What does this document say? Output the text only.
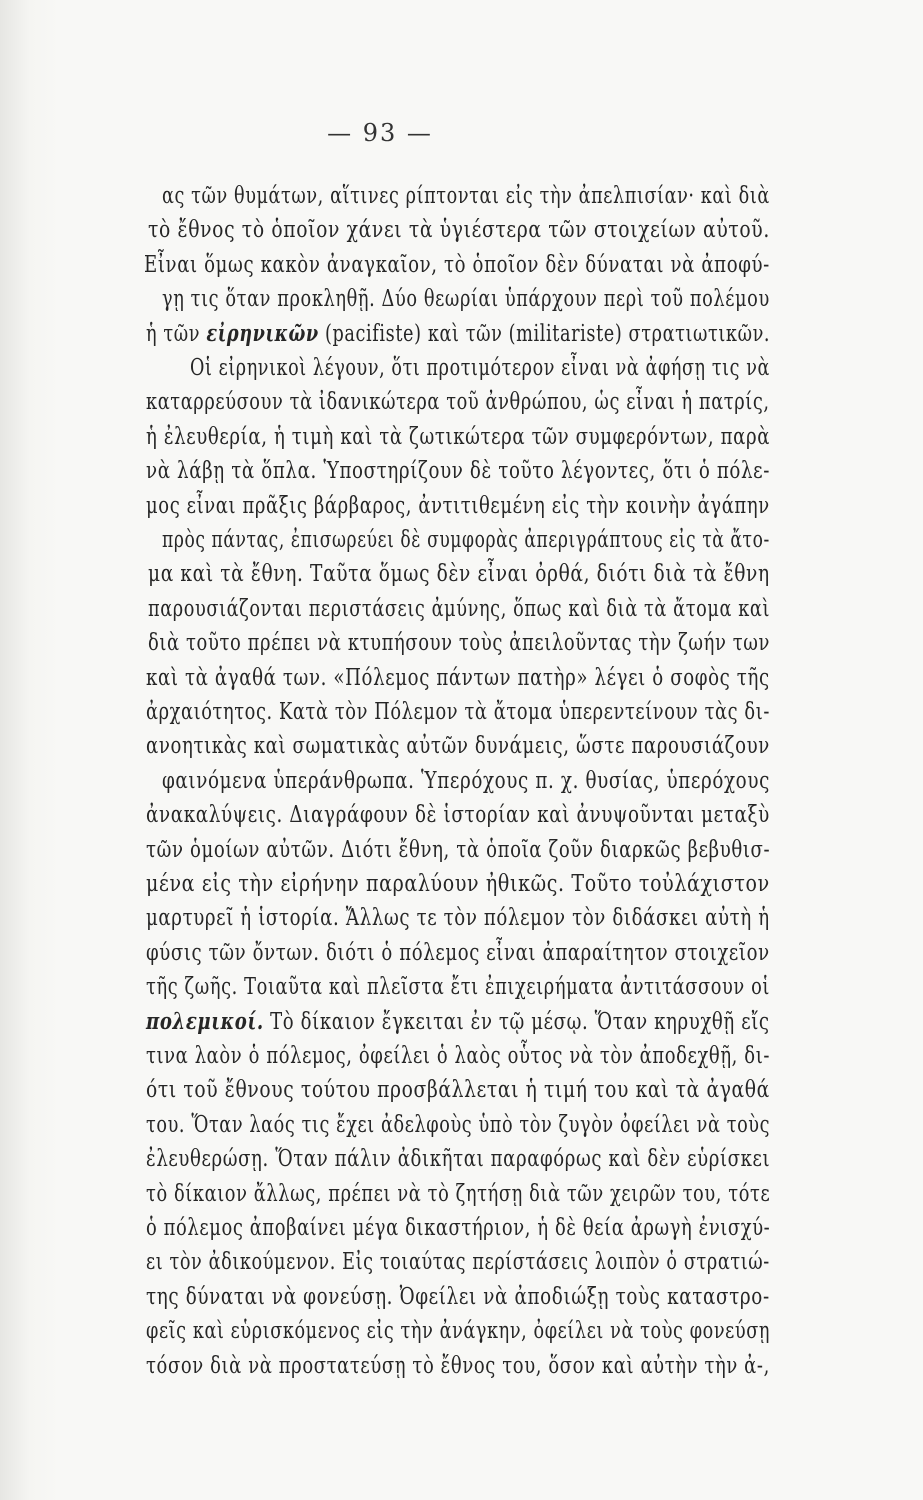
— 93 —
ας τῶν θυμάτων, αἵτινες ρίπτονται εἰς τὴν ἀπελπισίαν· καὶ διὰ
τὸ ἔθνος τὸ ὁποῖον χάνει τὰ ὑγιέστερα τῶν στοιχείων αὐτοῦ.
Εἶναι ὅμως κακὸν ἀναγκαῖον, τὸ ὁποῖον δὲν δύναται νὰ ἀποφύ-
γῃ τις ὅταν προκληθῇ. Δύο θεωρίαι ὑπάρχουν περὶ τοῦ πολέμου
ἡ τῶν εἰρηνικῶν (pacifiste) καὶ τῶν (militariste) στρατιωτικῶν.
Οἱ εἰρηνικοὶ λέγουν, ὅτι προτιμότερον εἶναι νὰ ἀφήσῃ τις νὰ
καταρρεύσουν τὰ ἰδανικώτερα τοῦ ἀνθρώπου, ὡς εἶναι ἡ πατρίς,
ἡ ἐλευθερία, ἡ τιμὴ καὶ τὰ ζωτικώτερα τῶν συμφερόντων, παρὰ
νὰ λάβῃ τὰ ὅπλα. Ὑποστηρίζουν δὲ τοῦτο λέγοντες, ὅτι ὁ πόλε-
μος εἶναι πρᾶξις βάρβαρος, ἀντιτιθεμένη εἰς τὴν κοινὴν ἀγάπην
πρὸς πάντας, ἐπισωρεύει δὲ συμφορὰς ἀπεριγράπτους εἰς τὰ ἄτο-
μα καὶ τὰ ἔθνη. Ταῦτα ὅμως δὲν εἶναι ὀρθά, διότι διὰ τὰ ἔθνη
παρουσιάζονται περιστάσεις ἀμύνης, ὅπως καὶ διὰ τὰ ἄτομα καὶ
διὰ τοῦτο πρέπει νὰ κτυπήσουν τοὺς ἀπειλοῦντας τὴν ζωήν των
καὶ τὰ ἀγαθά των. «Πόλεμος πάντων πατὴρ» λέγει ὁ σοφὸς τῆς
ἀρχαιότητος. Κατὰ τὸν Πόλεμον τὰ ἄτομα ὑπερεντείνουν τὰς δι-
ανοητικὰς καὶ σωματικὰς αὐτῶν δυνάμεις, ὥστε παρουσιάζουν
φαινόμενα ὑπεράνθρωπα. Ὑπερόχους π. χ. θυσίας, ὑπερόχους
ἀνακαλύψεις. Διαγράφουν δὲ ἱστορίαν καὶ ἀνυψοῦνται μεταξὺ
τῶν ὁμοίων αὐτῶν. Διότι ἔθνη, τὰ ὁποῖα ζοῦν διαρκῶς βεβυθισ-
μένα εἰς τὴν εἰρήνην παραλύουν ἠθικῶς. Τοῦτο τοὐλάχιστον
μαρτυρεῖ ἡ ἱστορία. Ἄλλως τε τὸν πόλεμον τὸν διδάσκει αὐτὴ ἡ
φύσις τῶν ὄντων. διότι ὁ πόλεμος εἶναι ἀπαραίτητον στοιχεῖον
τῆς ζωῆς. Τοιαῦτα καὶ πλεῖστα ἔτι ἐπιχειρήματα ἀντιτάσσουν οἱ
πολεμικοί. Τὸ δίκαιον ἔγκειται ἐν τῷ μέσῳ. Ὅταν κηρυχθῇ εἴς
τινα λαὸν ὁ πόλεμος, ὀφείλει ὁ λαὸς οὗτος νὰ τὸν ἀποδεχθῇ, δι-
ότι τοῦ ἔθνους τούτου προσβάλλεται ἡ τιμή του καὶ τὰ ἀγαθά
του. Ὅταν λαός τις ἔχει ἀδελφοὺς ὑπὸ τὸν ζυγὸν ὀφείλει νὰ τοὺς
ἐλευθερώσῃ. Ὅταν πάλιν ἀδικῆται παραφόρως καὶ δὲν εὑρίσκει
τὸ δίκαιον ἄλλως, πρέπει νὰ τὸ ζητήσῃ διὰ τῶν χειρῶν του, τότε
ὁ πόλεμος ἀποβαίνει μέγα δικαστήριον, ἡ δὲ θεία ἀρωγὴ ἐνισχύ-
ει τὸν ἀδικούμενον. Εἰς τοιαύτας περίστάσεις λοιπὸν ὁ στρατιώ-
της δύναται νὰ φονεύσῃ. Ὀφείλει νὰ ἀποδιώξῃ τοὺς καταστρο-
φεῖς καὶ εὑρισκόμενος εἰς τὴν ἀνάγκην, ὀφείλει νὰ τοὺς φονεύσῃ
τόσον διὰ νὰ προστατεύσῃ τὸ ἔθνος του, ὅσον καὶ αὐτὴν τὴν ἀ-,
